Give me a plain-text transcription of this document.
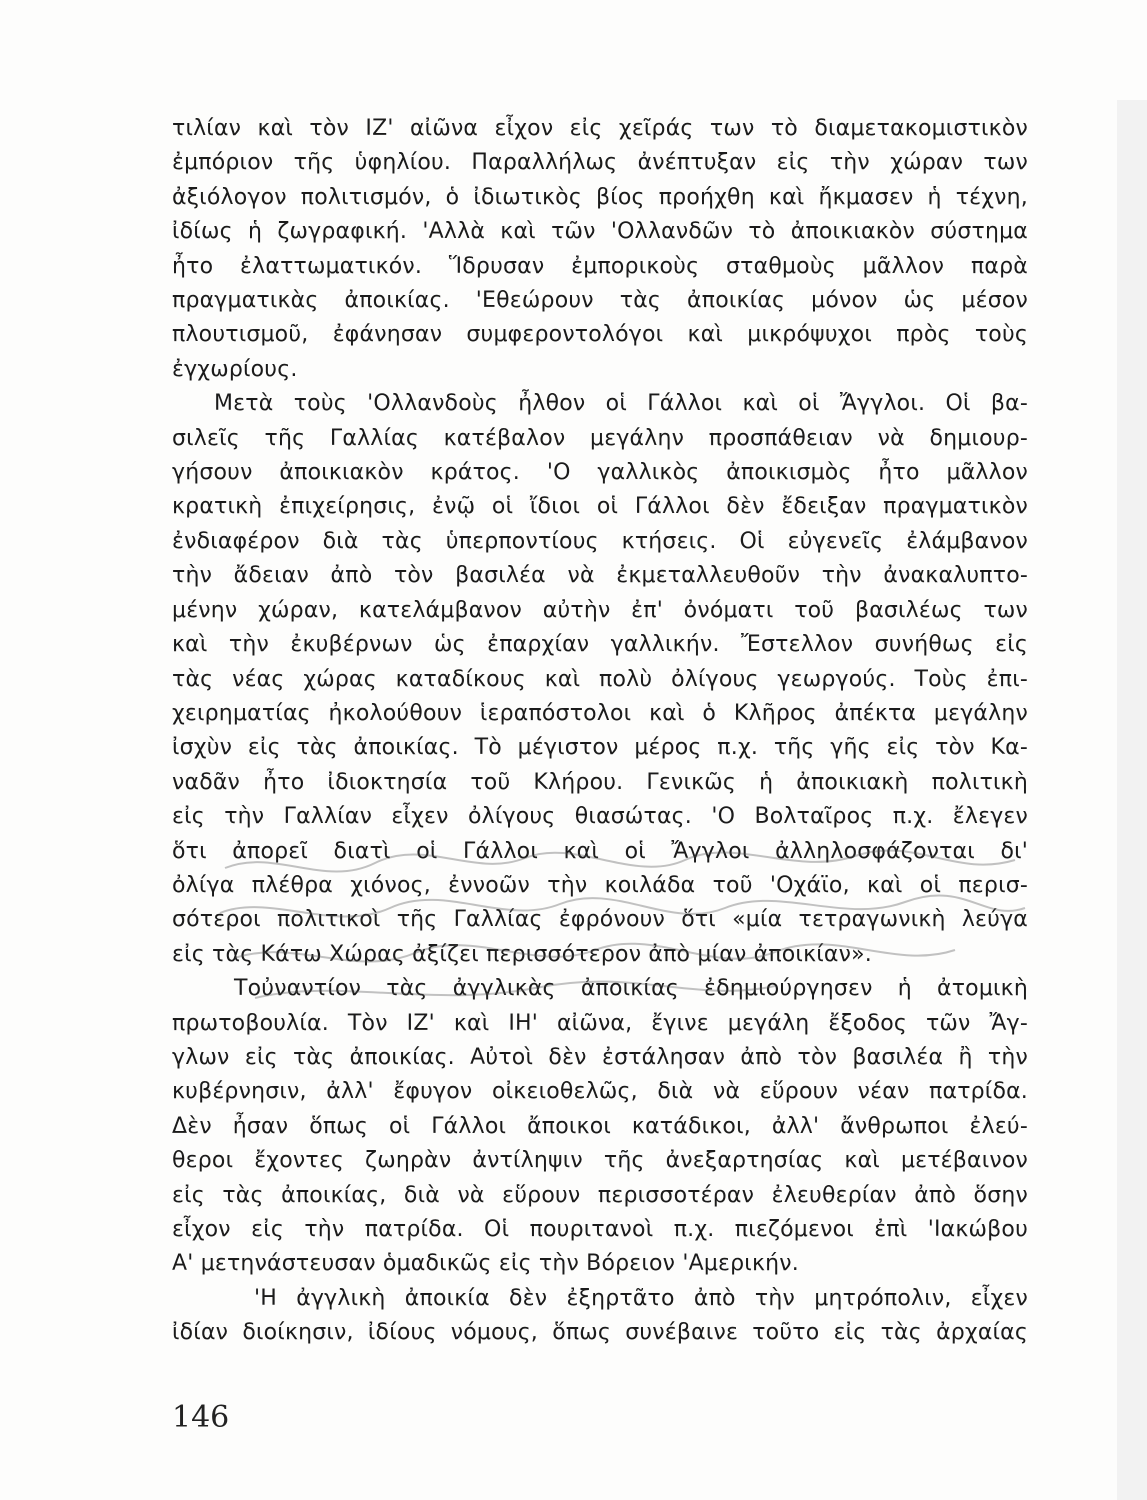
τιλίαν καὶ τὸν ΙΖ' αἰῶνα εἶχον εἰς χεῖράς των τὸ διαμετακομιστικὸν
ἐμπόριον τῆς ὑφηλίου. Παραλλήλως ἀνέπτυξαν εἰς τὴν χώραν των
ἀξιόλογον πολιτισμόν, ὁ ἰδιωτικὸς βίος προήχθη καὶ ἤκμασεν ἡ τέχνη,
ἰδίως ἡ ζωγραφική. 'Αλλὰ καὶ τῶν 'Ολλανδῶν τὸ ἀποικιακὸν σύστημα
ἦτο ἐλαττωματικόν. Ἵδρυσαν ἐμπορικοὺς σταθμοὺς μᾶλλον παρὰ
πραγματικὰς ἀποικίας. 'Εθεώρουν τὰς ἀποικίας μόνον ὡς μέσον
πλουτισμοῦ, ἐφάνησαν συμφεροντολόγοι καὶ μικρόψυχοι πρὸς τοὺς
ἐγχωρίους.
Μετὰ τοὺς 'Ολλανδοὺς ἦλθον οἱ Γάλλοι καὶ οἱ Ἄγγλοι. Οἱ βα-
σιλεῖς τῆς Γαλλίας κατέβαλον μεγάλην προσπάθειαν νὰ δημιουρ-
γήσουν ἀποικιακὸν κράτος. 'Ο γαλλικὸς ἀποικισμὸς ἦτο μᾶλλον
κρατικὴ ἐπιχείρησις, ἐνῷ οἱ ἴδιοι οἱ Γάλλοι δὲν ἔδειξαν πραγματικὸν
ἐνδιαφέρον διὰ τὰς ὑπερποντίους κτήσεις. Οἱ εὐγενεῖς ἐλάμβανον
τὴν ἄδειαν ἀπὸ τὸν βασιλέα νὰ ἐκμεταλλευθοῦν τὴν ἀνακαλυπτο-
μένην χώραν, κατελάμβανον αὐτὴν ἐπ' ὀνόματι τοῦ βασιλέως των
καὶ τὴν ἐκυβέρνων ὡς ἐπαρχίαν γαλλικήν. Ἔστελλον συνήθως εἰς
τὰς νέας χώρας καταδίκους καὶ πολὺ ὀλίγους γεωργούς. Τοὺς ἐπι-
χειρηματίας ἠκολούθουν ἱεραπόστολοι καὶ ὁ Κλῆρος ἀπέκτα μεγάλην
ἰσχὺν εἰς τὰς ἀποικίας. Τὸ μέγιστον μέρος π.χ. τῆς γῆς εἰς τὸν Κα-
ναδᾶν ἦτο ἰδιοκτησία τοῦ Κλήρου. Γενικῶς ἡ ἀποικιακὴ πολιτικὴ
εἰς τὴν Γαλλίαν εἶχεν ὀλίγους θιασώτας. 'Ο Βολταῖρος π.χ. ἔλεγεν
ὅτι ἀπορεῖ διατὶ οἱ Γάλλοι καὶ οἱ Ἄγγλοι ἀλληλοσφάζονται δι'
ὀλίγα πλέθρα χιόνος, ἐννοῶν τὴν κοιλάδα τοῦ 'Οχάϊο, καὶ οἱ περισ-
σότεροι πολιτικοὶ τῆς Γαλλίας ἐφρόνουν ὅτι «μία τετραγωνικὴ λεύγα
εἰς τὰς Κάτω Χώρας ἀξίζει περισσότερον ἀπὸ μίαν ἀποικίαν».
Τοὐναντίον τὰς ἀγγλικὰς ἀποικίας ἐδημιούργησεν ἡ ἀτομικὴ
πρωτοβουλία. Τὸν ΙΖ' καὶ ΙΗ' αἰῶνα, ἔγινε μεγάλη ἔξοδος τῶν Ἄγ-
γλων εἰς τὰς ἀποικίας. Αὐτοὶ δὲν ἐστάλησαν ἀπὸ τὸν βασιλέα ἢ τὴν
κυβέρνησιν, ἀλλ' ἔφυγον οἰκειοθελῶς, διὰ νὰ εὕρουν νέαν πατρίδα.
Δὲν ἦσαν ὅπως οἱ Γάλλοι ἄποικοι κατάδικοι, ἀλλ' ἄνθρωποι ἐλεύ-
θεροι ἔχοντες ζωηρὰν ἀντίληψιν τῆς ἀνεξαρτησίας καὶ μετέβαινον
εἰς τὰς ἀποικίας, διὰ νὰ εὕρουν περισσοτέραν ἐλευθερίαν ἀπὸ ὅσην
εἶχον εἰς τὴν πατρίδα. Οἱ πουριτανοὶ π.χ. πιεζόμενοι ἐπὶ 'Ιακώβου
Α' μετηνάστευσαν ὁμαδικῶς εἰς τὴν Βόρειον 'Αμερικήν.
'Η ἀγγλικὴ ἀποικία δὲν ἐξηρτᾶτο ἀπὸ τὴν μητρόπολιν, εἶχεν
ἰδίαν διοίκησιν, ἰδίους νόμους, ὅπως συνέβαινε τοῦτο εἰς τὰς ἀρχαίας
146
